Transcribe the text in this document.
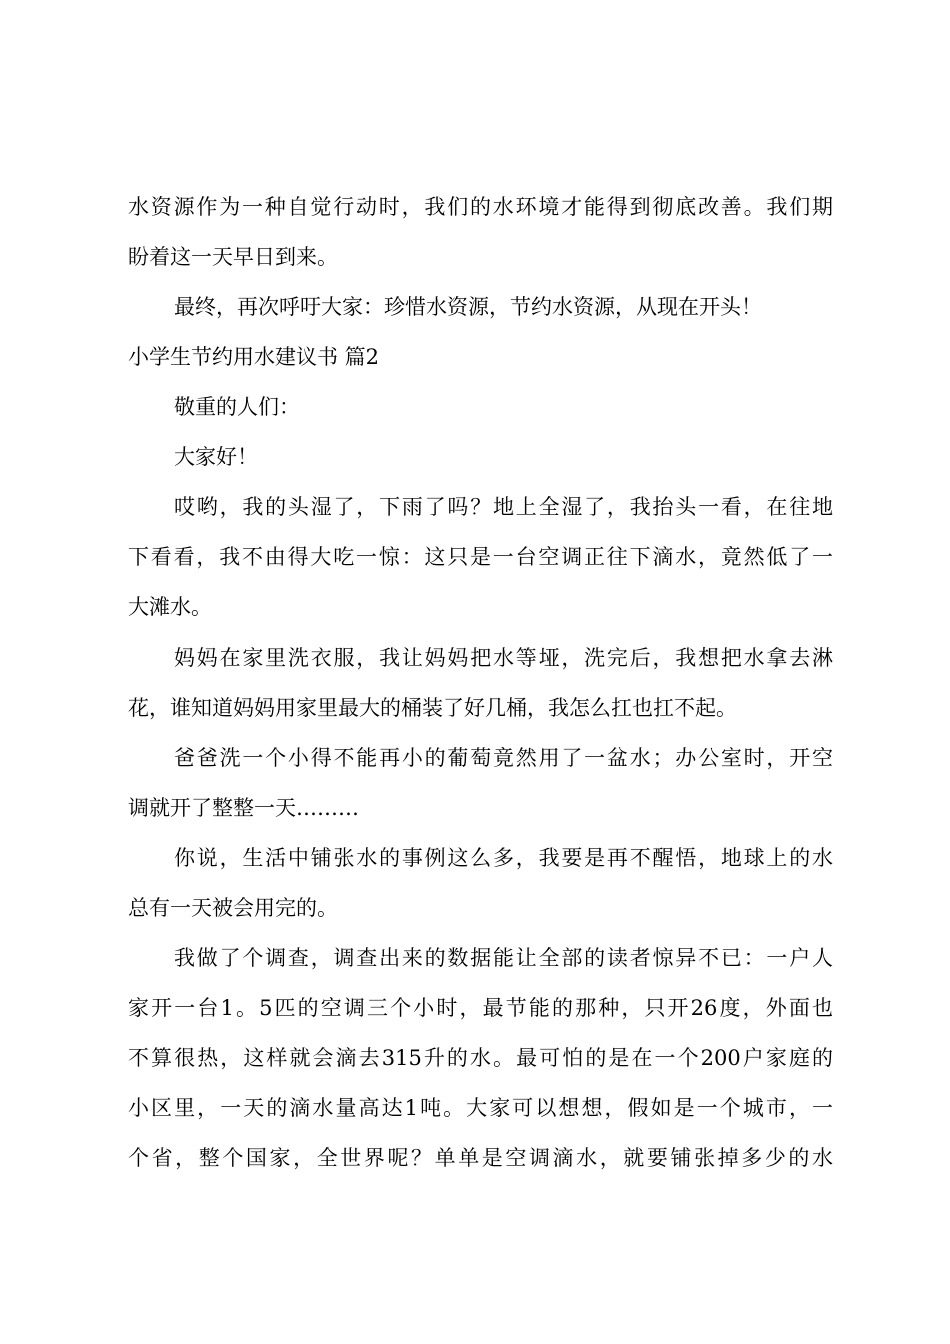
水资源作为一种自觉行动时，我们的水环境才能得到彻底改善。我们期
盼着这一天早日到来。
最终，再次呼吁大家：珍惜水资源，节约水资源，从现在开头！
小学生节约用水建议书 篇2
敬重的人们：
大家好！
哎哟，我的头湿了，下雨了吗？地上全湿了，我抬头一看，在往地
下看看，我不由得大吃一惊：这只是一台空调正往下滴水，竟然低了一
大滩水。
妈妈在家里洗衣服，我让妈妈把水等垭，洗完后，我想把水拿去淋
花，谁知道妈妈用家里最大的桶装了好几桶，我怎么扛也扛不起。
爸爸洗一个小得不能再小的葡萄竟然用了一盆水；办公室时，开空
调就开了整整一天………
你说，生活中铺张水的事例这么多，我要是再不醒悟，地球上的水
总有一天被会用完的。
我做了个调查，调查出来的数据能让全部的读者惊异不已：一户人
家开一台1。5匹的空调三个小时，最节能的那种，只开26度，外面也
不算很热，这样就会滴去315升的水。最可怕的是在一个200户家庭的
小区里，一天的滴水量高达1吨。大家可以想想，假如是一个城市，一
个省，整个国家，全世界呢？单单是空调滴水，就要铺张掉多少的水
